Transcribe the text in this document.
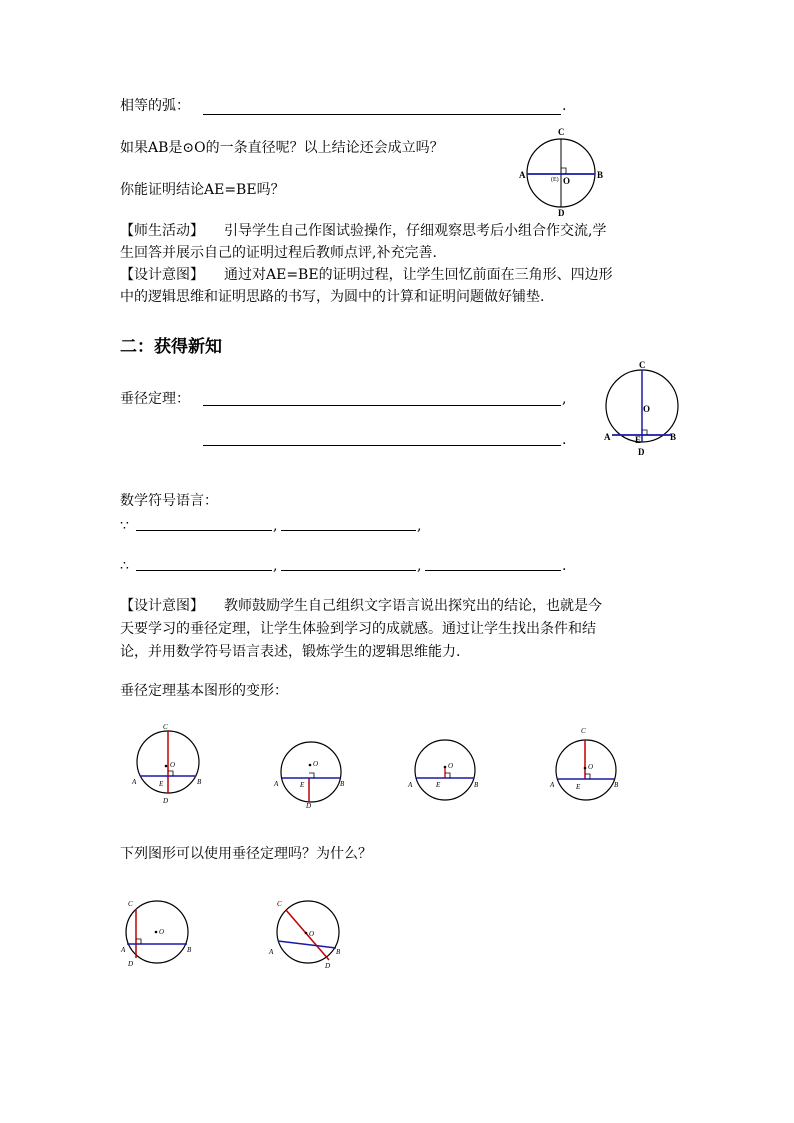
相等的弧：	.
如果AB是⊙O的一条直径呢？以上结论还会成立吗？
你能证明结论AE=BE吗？
C
D
A	B
(E) O
【师生活动】 引导学生自己作图试验操作，仔细观察思考后小组合作交流,学
生回答并展示自己的证明过程后教师点评,补充完善.
【设计意图】 通过对AE=BE的证明过程，让学生回忆前面在三角形、四边形
中的逻辑思维和证明思路的书写，为圆中的计算和证明问题做好铺垫.
二：获得新知
垂径定理：	,
.
C
O
A	E	B
D
数学符号语言：
∵	,	,
∴	,	,	.
【设计意图】 教师鼓励学生自己组织文字语言说出探究出的结论，也就是今
天要学习的垂径定理，让学生体验到学习的成就感。通过让学生找出条件和结
论，并用数学符号语言表述，锻炼学生的逻辑思维能力.
垂径定理基本图形的变形：
C
O
A	E	B
D
O
A	E	B
D
O
A	E	B
C
O
A	E	B
下列图形可以使用垂径定理吗？为什么？
C
O
A	B
D
C
O
A	B
D
